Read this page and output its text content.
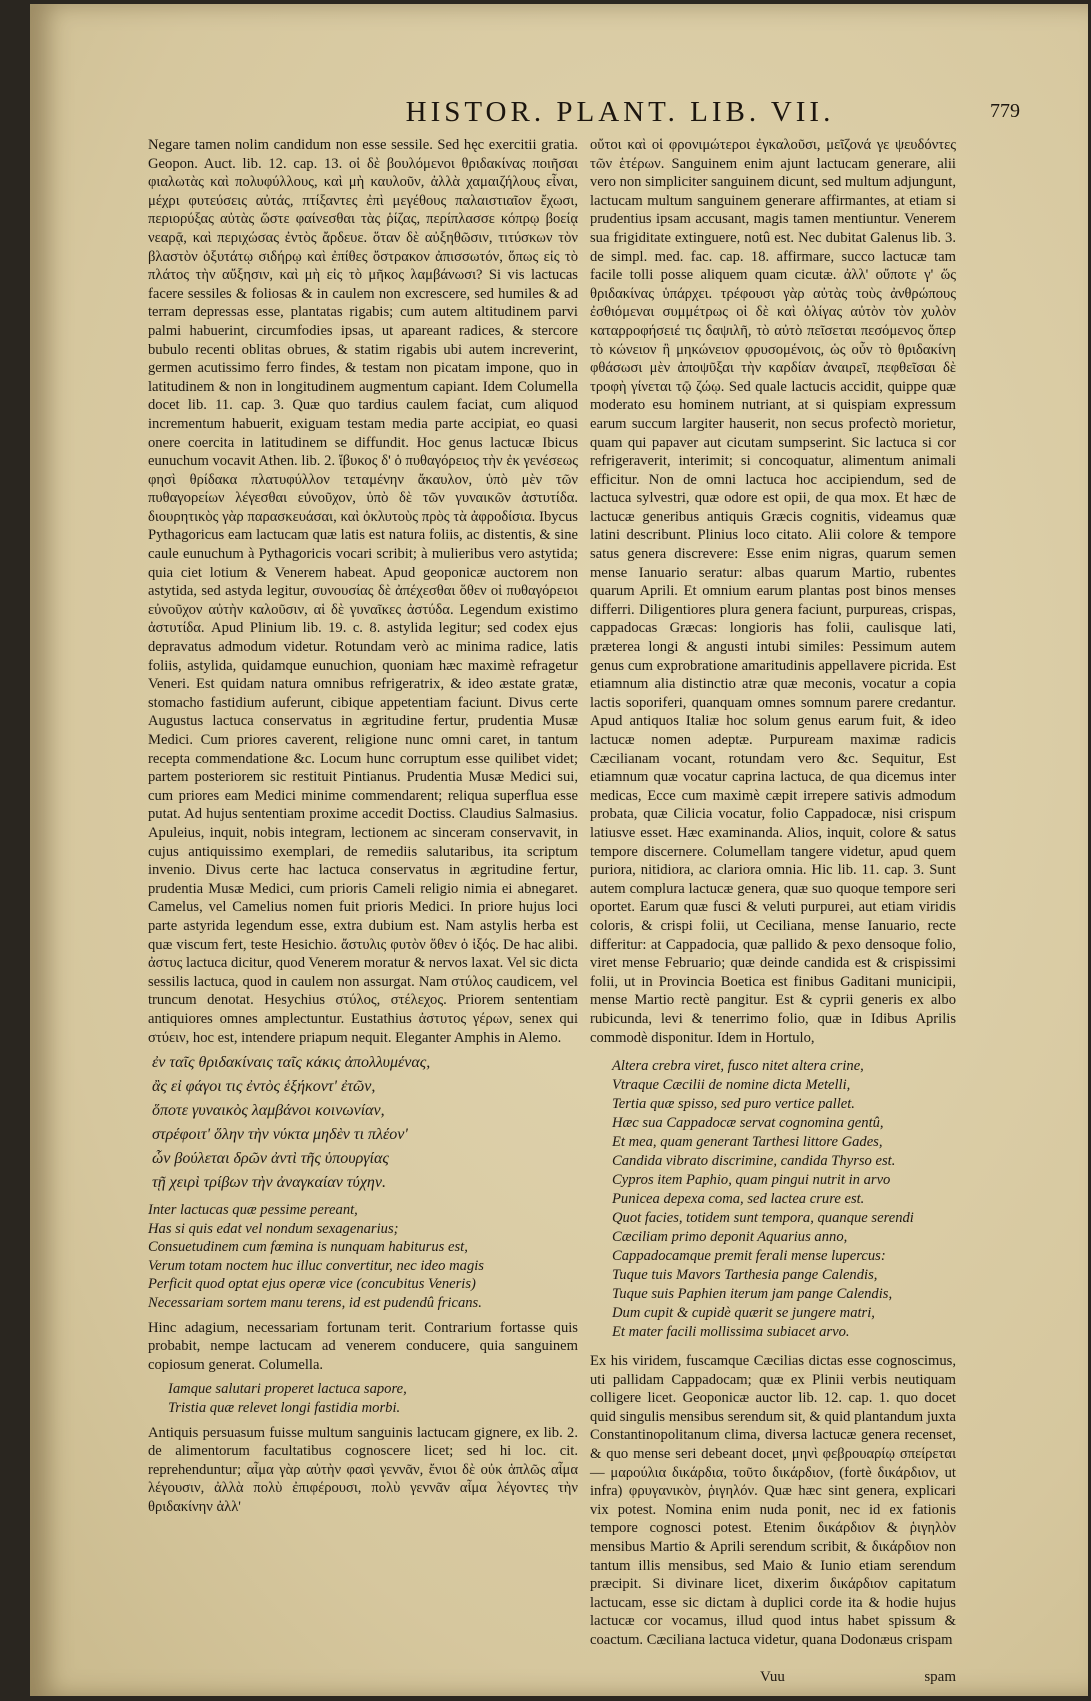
HISTOR. PLANT. LIB. VII.	779

Negare tamen nolim candidum non esse sessile. Sed hęc exercitii gratia. Geopon. Auct. lib. 12. cap. 13. οἱ δὲ βουλόμενοι θριδακίνας ποιῆσαι φιαλωτὰς καὶ πολυφύλλους, καὶ μὴ καυλοῦν, ἀλλὰ χαμαιζήλους εἶναι, μέχρι φυτεύσεις αὐτάς, πτίξαντες ἐπὶ μεγέθους παλαιστιαῖον ἔχωσι, περιορύξας αὐτὰς ὥστε φαίνεσθαι τὰς ῥίζας, περίπλασσε κόπρῳ βοείᾳ νεαρᾷ, καὶ περιχώσας ἐντὸς ἄρδευε. ὅταν δὲ αὐξηθῶσιν, τιτύσκων τὸν βλαστὸν ὀξυτάτῳ σιδήρῳ καὶ ἐπίθες ὄστρακον ἀπισσωτόν, ὅπως εἰς τὸ πλάτος τὴν αὔξησιν, καὶ μὴ εἰς τὸ μῆκος λαμβάνωσι? Si vis lactucas facere sessiles & foliosas & in caulem non excrescere, sed humiles & ad terram depressas esse, plantatas rigabis; cum autem altitudinem parvi palmi habuerint, circumfodies ipsas, ut apareant radices, & stercore bubulo recenti oblitas obrues, & statim rigabis ubi autem increverint, germen acutissimo ferro findes, & testam non picatam impone, quo in latitudinem & non in longitudinem augmentum capiant. Idem Columella docet lib. 11. cap. 3. Quæ quo tardius caulem faciat, cum aliquod incrementum habuerit, exiguam testam media parte accipiat, eo quasi onere coercita in latitudinem se diffundit. Hoc genus lactucæ Ibicus eunuchum vocavit Athen. lib. 2. ἴβυκος δ' ὁ πυθαγόρειος τὴν ἐκ γενέσεως φησὶ θρίδακα πλατυφύλλον τεταμένην ἄκαυλον, ὑπὸ μὲν τῶν πυθαγορείων λέγεσθαι εὐνοῦχον, ὑπὸ δὲ τῶν γυναικῶν ἀστυτίδα. διουρητικὸς γὰρ παρασκευάσαι, καὶ ὀκλυτοὺς πρὸς τὰ ἀφροδίσια. Ibycus Pythagoricus eam lactucam quæ latis est natura foliis, ac distentis, & sine caule eunuchum à Pythagoricis vocari scribit; à mulieribus vero astytida; quia ciet lotium & Venerem habeat. Apud geoponicæ auctorem non astytida, sed astyda legitur, συνουσίας δὲ ἀπέχεσθαι ὅθεν οἱ πυθαγόρειοι εὐνοῦχον αὐτὴν καλοῦσιν, αἱ δὲ γυναῖκες ἀστύδα. Legendum existimo ἀστυτίδα. Apud Plinium lib. 19. c. 8. astylida legitur; sed codex ejus depravatus admodum videtur. Rotundam verò ac minima radice, latis foliis, astylida, quidamque eunuchion, quoniam hæc maximè refragetur Veneri. Est quidam natura omnibus refrigeratrix, & ideo æstate gratæ, stomacho fastidium auferunt, cibique appetentiam faciunt. Divus certe Augustus lactuca conservatus in ægritudine fertur, prudentia Musæ Medici. Cum priores caverent, religione nunc omni caret, in tantum recepta commendatione &c. Locum hunc corruptum esse quilibet videt; partem posteriorem sic restituit Pintianus. Prudentia Musæ Medici sui, cum priores eam Medici minime commendarent; reliqua superflua esse putat. Ad hujus sententiam proxime accedit Doctiss. Claudius Salmasius. Apuleius, inquit, nobis integram, lectionem ac sinceram conservavit, in cujus antiquissimo exemplari, de remediis salutaribus, ita scriptum invenio. Divus certe hac lactuca conservatus in ægritudine fertur, prudentia Musæ Medici, cum prioris Cameli religio nimia ei abnegaret. Camelus, vel Camelius nomen fuit prioris Medici. In priore hujus loci parte astyrida legendum esse, extra dubium est. Nam astylis herba est quæ viscum fert, teste Hesichio. ἄστυλις φυτὸν ὅθεν ὁ ἰξός. De hac alibi. ἀστυς lactuca dicitur, quod Venerem moratur & nervos laxat. Vel sic dicta sessilis lactuca, quod in caulem non assurgat. Nam στύλος caudicem, vel truncum denotat. Hesychius στύλος, στέλεχος. Priorem sententiam antiquiores omnes amplectuntur. Eustathius ἀστυτος γέρων, senex qui στύειν, hoc est, intendere priapum nequit. Eleganter Amphis in Alemo.

ἐν ταῖς θριδακίναις ταῖς κάκις ἀπολλυμένας,
ἂς εἰ φάγοι τις ἐντὸς ἑξήκοντ' ἐτῶν,
ὅποτε γυναικὸς λαμβάνοι κοινωνίαν,
στρέφοιτ' ὅλην τὴν νύκτα μηδὲν τι πλέον'
ὧν βούλεται δρῶν ἀντὶ τῆς ὑπουργίας
τῇ χειρὶ τρίβων τὴν ἀναγκαίαν τύχην.
Inter lactucas quæ pessime pereant,
Has si quis edat vel nondum sexagenarius;
Consuetudinem cum fœmina is nunquam habiturus est,
Verum totam noctem huc illuc convertitur, nec ideo magis
Perficit quod optat ejus operæ vice (concubitus Veneris)
Necessariam sortem manu terens, id est pudendû fricans.

Hinc adagium, necessariam fortunam terit. Contrarium fortasse quis probabit, nempe lactucam ad venerem conducere, quia sanguinem copiosum generat. Columella.

Iamque salutari properet lactuca sapore,
Tristia quæ relevet longi fastidia morbi.

Antiquis persuasum fuisse multum sanguinis lactucam gignere, ex lib. 2. de alimentorum facultatibus cognoscere licet; sed hi loc. cit. reprehenduntur; αἷμα γὰρ αὐτὴν φασὶ γεννᾶν, ἔνιοι δὲ οὐκ ἁπλῶς αἷμα λέγουσιν, ἀλλὰ πολὺ ἐπιφέρουσι, πολὺ γεννᾶν αἷμα λέγοντες τὴν θριδακίνην ἀλλ'

οὔτοι καὶ οἱ φρονιμώτεροι ἐγκαλοῦσι, μεῖζονά γε ψευδόντες τῶν ἑτέρων. Sanguinem enim ajunt lactucam generare, alii vero non simpliciter sanguinem dicunt, sed multum adjungunt, lactucam multum sanguinem generare affirmantes, at etiam si prudentius ipsam accusant, magis tamen mentiuntur. Venerem sua frigiditate extinguere, notû est. Nec dubitat Galenus lib. 3. de simpl. med. fac. cap. 18. affirmare, succo lactucæ tam facile tolli posse aliquem quam cicutæ. ἀλλ' οὔποτε γ' ὥς θριδακίνας ὑπάρχει. τρέφουσι γὰρ αὐτὰς τοὺς ἀνθρώπους ἐσθιόμεναι συμμέτρως οἱ δὲ καὶ ὀλίγας αὐτὸν τὸν χυλὸν καταρροφήσειέ τις δαψιλῆ, τὸ αὐτὸ πεῖσεται πεσόμενος ὅπερ τὸ κώνειον ἢ μηκώνειον φρυσομένοις, ὡς οὖν τὸ θριδακίνη φθάσωσι μὲν ἀποψῦξαι τὴν καρδίαν ἀναιρεῖ, πεφθεῖσαι δὲ τροφὴ γίνεται τῷ ζώῳ. Sed quale lactucis accidit, quippe quæ moderato esu hominem nutriant, at si quispiam expressum earum succum largiter hauserit, non secus profectò morietur, quam qui papaver aut cicutam sumpserint. Sic lactuca si cor refrigeraverit, interimit; si concoquatur, alimentum animali efficitur. Non de omni lactuca hoc accipiendum, sed de lactuca sylvestri, quæ odore est opii, de qua mox. Et hæc de lactucæ generibus antiquis Græcis cognitis, videamus quæ latini describunt. Plinius loco citato. Alii colore & tempore satus genera discrevere: Esse enim nigras, quarum semen mense Ianuario seratur: albas quarum Martio, rubentes quarum Aprili. Et omnium earum plantas post binos menses differri. Diligentiores plura genera faciunt, purpureas, crispas, cappadocas Græcas: longioris has folii, caulisque lati, præterea longi & angusti intubi similes: Pessimum autem genus cum exprobratione amaritudinis appellavere picrida. Est etiamnum alia distinctio atræ quæ meconis, vocatur a copia lactis soporiferi, quanquam omnes somnum parere credantur. Apud antiquos Italiæ hoc solum genus earum fuit, & ideo lactucæ nomen adeptæ. Purpuream maximæ radicis Cæcilianam vocant, rotundam vero &c. Sequitur, Est etiamnum quæ vocatur caprina lactuca, de qua dicemus inter medicas, Ecce cum maximè cæpit irrepere sativis admodum probata, quæ Cilicia vocatur, folio Cappadocæ, nisi crispum latiusve esset. Hæc examinanda. Alios, inquit, colore & satus tempore discernere. Columellam tangere videtur, apud quem puriora, nitidiora, ac clariora omnia. Hic lib. 11. cap. 3. Sunt autem complura lactucæ genera, quæ suo quoque tempore seri oportet. Earum quæ fusci & veluti purpurei, aut etiam viridis coloris, & crispi folii, ut Ceciliana, mense Ianuario, recte differitur: at Cappadocia, quæ pallido & pexo densoque folio, viret mense Februario; quæ deinde candida est & crispissimi folii, ut in Provincia Boetica est finibus Gaditani municipii, mense Martio rectè pangitur. Est & cyprii generis ex albo rubicunda, levi & tenerrimo folio, quæ in Idibus Aprilis commodè disponitur. Idem in Hortulo,

Altera crebra viret, fusco nitet altera crine,
Vtraque Cæcilii de nomine dicta Metelli,
Tertia quæ spisso, sed puro vertice pallet.
Hæc sua Cappadocæ servat cognomina gentû,
Et mea, quam generant Tarthesi littore Gades,
Candida vibrato discrimine, candida Thyrso est.
Cypros item Paphio, quam pingui nutrit in arvo
Punicea depexa coma, sed lactea crure est.
Quot facies, totidem sunt tempora, quanque serendi
Cæciliam primo deponit Aquarius anno,
Cappadocamque premit ferali mense lupercus:
Tuque tuis Mavors Tarthesia pange Calendis,
Tuque suis Paphien iterum jam pange Calendis,
Dum cupit & cupidè quærit se jungere matri,
Et mater facili mollissima subiacet arvo.

Ex his viridem, fuscamque Cæcilias dictas esse cognoscimus, uti pallidam Cappadocam; quæ ex Plinii verbis neutiquam colligere licet. Geoponicæ auctor lib. 12. cap. 1. quo docet quid singulis mensibus serendum sit, & quid plantandum juxta Constantinopolitanum clima, diversa lactucæ genera recenset, & quo mense seri debeant docet, μηνὶ φεβρουαρίῳ σπείρεται — μαρούλια δικάρδια, τοῦτο δικάρδιον, (fortè δικάρδιον, ut infra) φρυγανικὸν, ῥιγηλόν. Quæ hæc sint genera, explicari vix potest. Nomina enim nuda ponit, nec id ex fationis tempore cognosci potest. Etenim δικάρδιον & ῥιγηλὸν mensibus Martio & Aprili serendum scribit, & δικάρδιον non tantum illis mensibus, sed Maio & Iunio etiam serendum præcipit. Si divinare licet, dixerim δικάρδιον capitatum lactucam, esse sic dictam à duplici corde ita & hodie hujus lactucæ cor vocamus, illud quod intus habet spissum & coactum. Cæciliana lactuca videtur, quana Dodonæus crispam

Vuu	spam
